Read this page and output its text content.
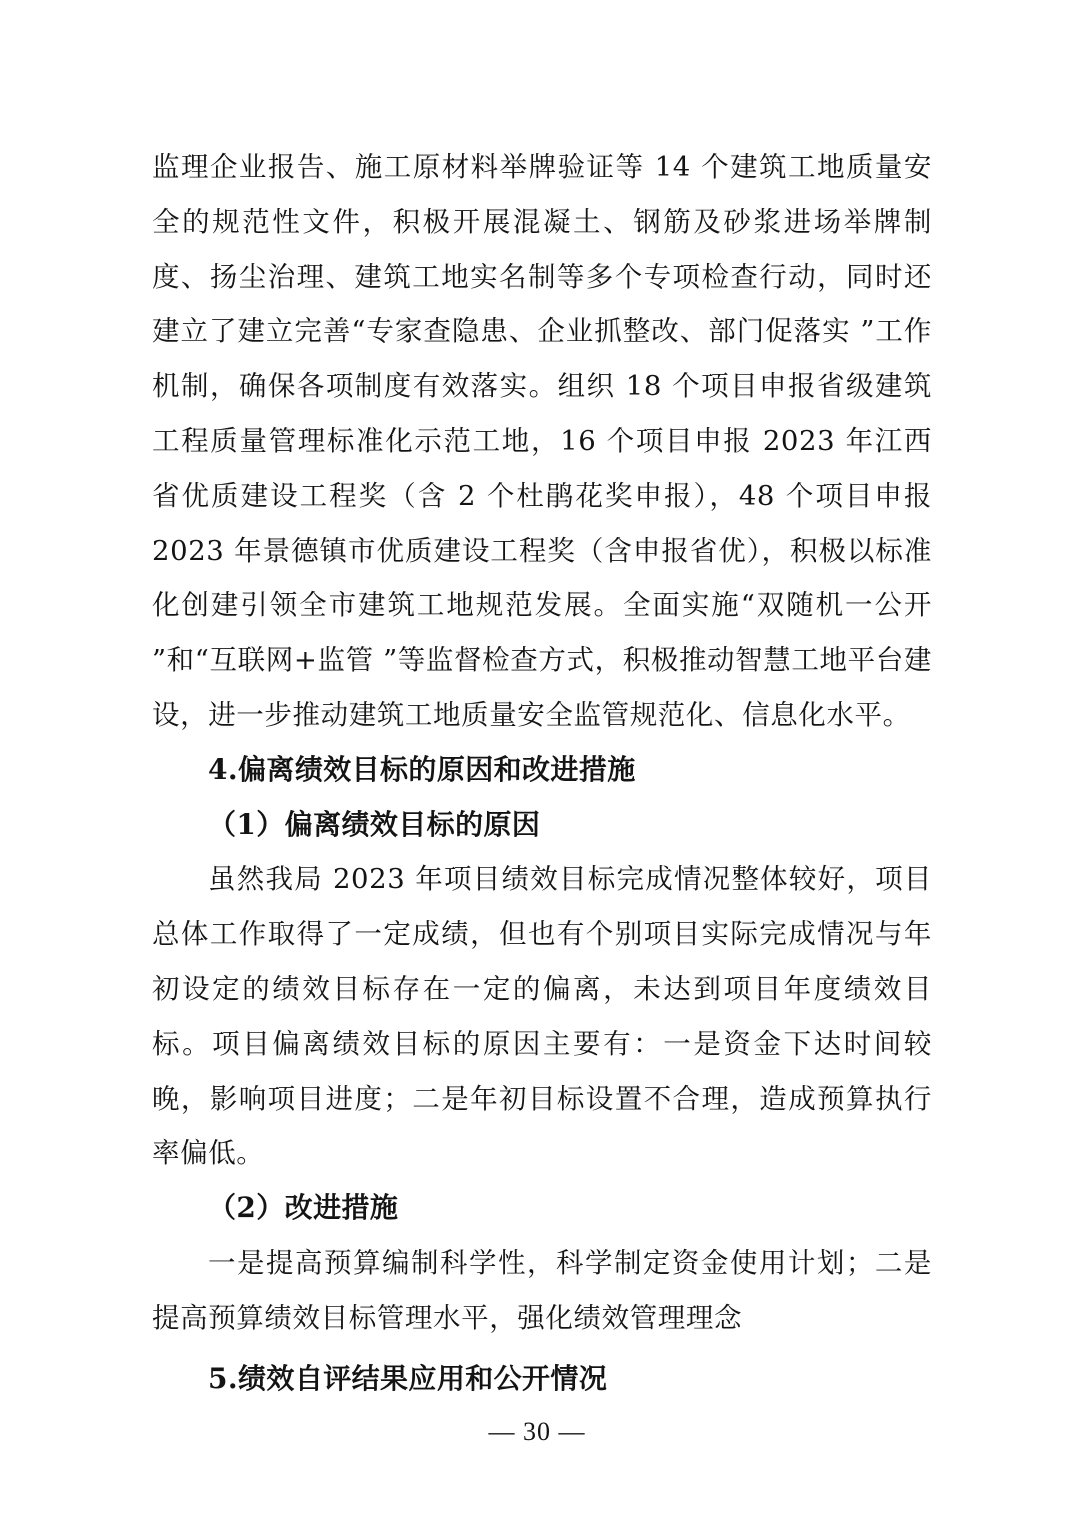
监理企业报告、施工原材料举牌验证等 14 个建筑工地质量安全的规范性文件，积极开展混凝土、钢筋及砂浆进场举牌制度、扬尘治理、建筑工地实名制等多个专项检查行动，同时还建立了建立完善“专家查隐患、企业抓整改、部门促落实 ”工作机制，确保各项制度有效落实。组织 18 个项目申报省级建筑工程质量管理标准化示范工地，16 个项目申报 2023 年江西省优质建设工程奖（含 2 个杜鹃花奖申报），48 个项目申报 2023 年景德镇市优质建设工程奖（含申报省优），积极以标准化创建引领全市建筑工地规范发展。全面实施“双随机一公开 ”和“互联网+监管 ”等监督检查方式，积极推动智慧工地平台建设，进一步推动建筑工地质量安全监管规范化、信息化水平。

4.偏离绩效目标的原因和改进措施

（1）偏离绩效目标的原因

虽然我局 2023 年项目绩效目标完成情况整体较好，项目总体工作取得了一定成绩，但也有个别项目实际完成情况与年初设定的绩效目标存在一定的偏离，未达到项目年度绩效目标。项目偏离绩效目标的原因主要有：一是资金下达时间较晚，影响项目进度；二是年初目标设置不合理，造成预算执行率偏低。

（2）改进措施

一是提高预算编制科学性，科学制定资金使用计划；二是提高预算绩效目标管理水平，强化绩效管理理念

5.绩效自评结果应用和公开情况

— 30 —
